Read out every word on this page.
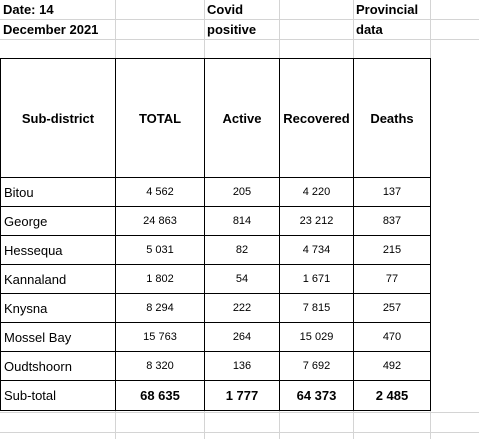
Date: 14
December 2021
Covid
positive
Provincial
data
Sub-district	TOTAL	Active	Recovered	Deaths
Bitou	4 562	205	4 220	137
George	24 863	814	23 212	837
Hessequa	5 031	82	4 734	215
Kannaland	1 802	54	1 671	77
Knysna	8 294	222	7 815	257
Mossel Bay	15 763	264	15 029	470
Oudtshoorn	8 320	136	7 692	492
Sub-total	68 635	1 777	64 373	2 485
